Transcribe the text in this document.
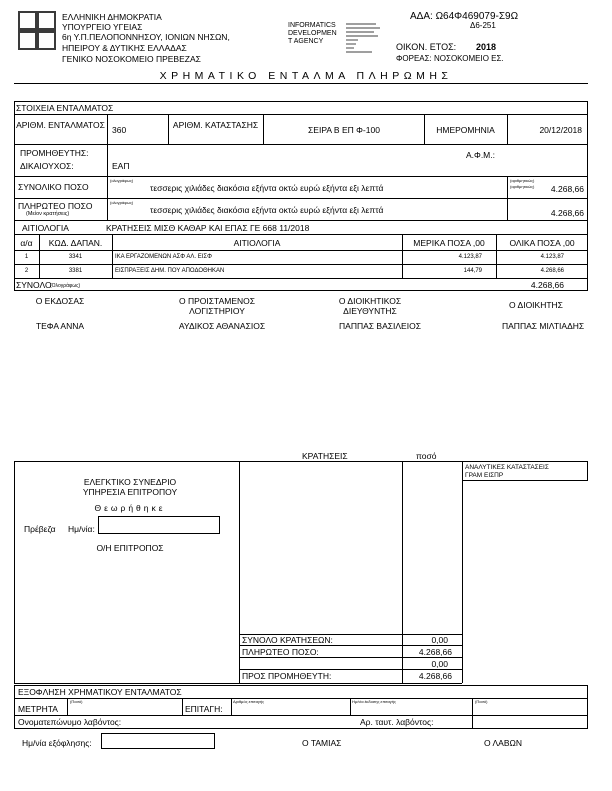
ΕΛΛΗΝΙΚΗ ΔΗΜΟΚΡΑΤΙΑ
ΥΠΟΥΡΓΕΙΟ ΥΓΕΙΑΣ
6η Υ.Π.ΠΕΛΟΠΟΝΝΗΣΟΥ, ΙΟΝΙΩΝ ΝΗΣΩΝ,
ΗΠΕΙΡΟΥ & ΔΥΤΙΚΗΣ ΕΛΛΑΔΑΣ
ΓΕΝΙΚΟ ΝΟΣΟΚΟΜΕΙΟ ΠΡΕΒΕΖΑΣ
INFORMATICS
DEVELOPMEN
T AGENCY
ΑΔΑ: Ω64Φ469079-Σ9Ω
Δ6-251
ΟΙΚΟΝ. ΕΤΟΣ: 2018
ΦΟΡΕΑΣ: ΝΟΣΟΚΟΜΕΙΟ ΕΣ.
ΧΡΗΜΑΤΙΚΟ ΕΝΤΑΛΜΑ ΠΛΗΡΩΜΗΣ
ΣΤΟΙΧΕΙΑ ΕΝΤΑΛΜΑΤΟΣ
ΑΡΙΘΜ. ΕΝΤΑΛΜΑΤΟΣ 360	ΑΡΙΘΜ. ΚΑΤΑΣΤΑΣΗΣ	ΣΕΙΡΑ Β ΕΠ Φ-100	ΗΜΕΡΟΜΗΝΙΑ	20/12/2018
ΠΡΟΜΗΘΕΥΤΗΣ:
ΔΙΚΑΙΟΥΧΟΣ:	ΕΑΠ
Α.Φ.Μ.:
ΣΥΝΟΛΙΚΟ ΠΟΣΟ
(ολογράφως)
τεσσερις χιλιάδες διακόσια εξήντα οκτώ ευρώ εξήντα εξι λεπτά
(αριθμητικώς)
(αριθμητικώς)	4.268,66
ΠΛΗΡΩΤΕΟ ΠΟΣΟ
(Μείον κρατήσεις)
(ολογράφως)
τεσσερις χιλιάδες διακόσια εξήντα οκτώ ευρώ εξήντα εξι λεπτά	4.268,66
ΑΙΤΙΟΛΟΓΙΑ	ΚΡΑΤΗΣΕΙΣ ΜΙΣΘ ΚΑΘΑΡ ΚΑΙ ΕΠΑΣ ΓΕ 668 11/2018
α/α	ΚΩΔ. ΔΑΠΑΝ.	ΑΙΤΙΟΛΟΓΙΑ	ΜΕΡΙΚΑ ΠΟΣΑ ,00	ΟΛΙΚΑ ΠΟΣΑ ,00
1	3341	ΙΚΑ ΕΡΓΑΖΟΜΕΝΩΝ ΑΣΦ ΑΛ. ΕΙΣΦ	4.123,87	4.123,87
2	3381	ΕΙΣΠΡΑΞΕΙΣ ΔΗΜ. ΠΟΥ ΑΠΟΔΟΘΗΚΑΝ	144,79	4.268,66
ΣΥΝΟΛΟ
(Ολογράφως)	4.268,66
Ο ΕΚΔΟΣΑΣ	Ο ΠΡΟΙΣΤΑΜΕΝΟΣ ΛΟΓΙΣΤΗΡΙΟΥ
Ο ΔΙΟΙΚΗΤΙΚΟΣ ΔΙΕΥΘΥΝΤΗΣ
Ο ΔΙΟΙΚΗΤΗΣ
ΤΕΦΑ ΑΝΝΑ	ΑΥΔΙΚΟΣ ΑΘΑΝΑΣΙΟΣ	ΠΑΠΠΑΣ ΒΑΣΙΛΕΙΟΣ	ΠΑΠΠΑΣ ΜΙΛΤΙΑΔΗΣ
ΚΡΑΤΗΣΕΙΣ	ποσό
ΑΝΑΛΥΤΙΚΕΣ ΚΑΤΑΣΤΑΣΕΙΣ
ΓΡΑΜ ΕΙΣΠΡ
ΕΛΕΓΚΤΙΚΟ ΣΥΝΕΔΡΙΟ
ΥΠΗΡΕΣΙΑ ΕΠΙΤΡΟΠΟΥ
Θεωρήθηκε
Πρέβεζα Ημ/νία:
Ο/Η ΕΠΙΤΡΟΠΟΣ
ΣΥΝΟΛΟ ΚΡΑΤΗΣΕΩΝ:	0,00
ΠΛΗΡΩΤΕΟ ΠΟΣΟ:	4.268,66
0,00
ΠΡΟΣ ΠΡΟΜΗΘΕΥΤΗ:	4.268,66
ΕΞΟΦΛΗΣΗ ΧΡΗΜΑΤΙΚΟΥ ΕΝΤΑΛΜΑΤΟΣ
ΜΕΤΡΗΤΑ
(Ποσό)
ΕΠΙΤΑΓΗ:
Αριθμός επιταγής	Ημ/νία έκδοσης επιταγής	(Ποσό)
Ονοματεπώνυμο λαβόντος:	Αρ. ταυτ. λαβόντος:
Ημ/νία εξόφλησης:	Ο ΤΑΜΙΑΣ	Ο ΛΑΒΩΝ
